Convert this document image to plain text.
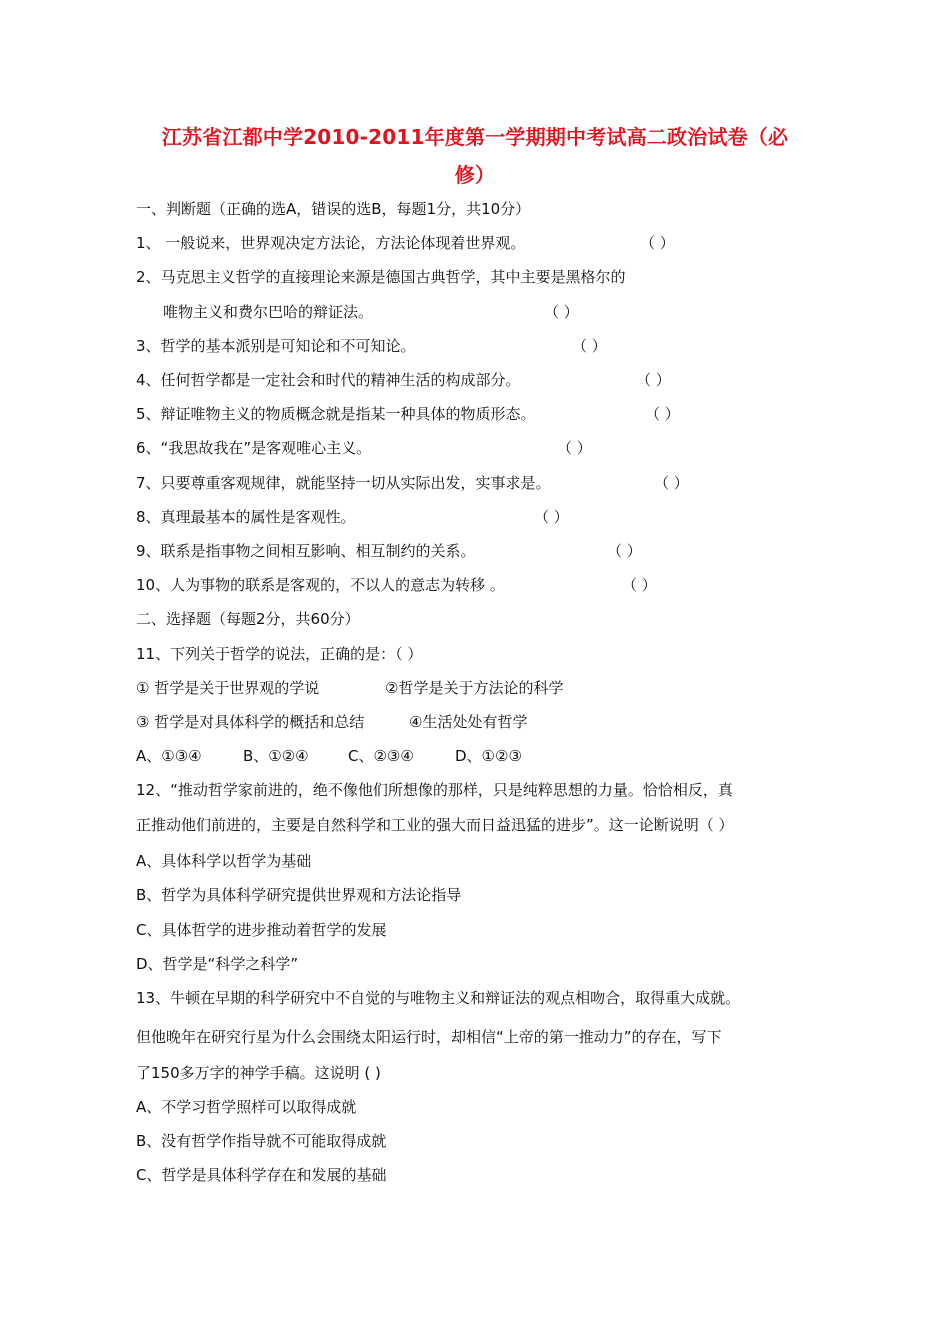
江苏省江都中学2010-2011年度第一学期期中考试高二政治试卷（必
修）
一、判断题（正确的选A，错误的选B，每题1分，共10分）
1、 一般说来，世界观决定方法论，方法论体现着世界观。	（ ）
2、马克思主义哲学的直接理论来源是德国古典哲学，其中主要是黑格尔的
唯物主义和费尔巴哈的辩证法。	（ ）
3、哲学的基本派别是可知论和不可知论。	（ ）
4、任何哲学都是一定社会和时代的精神生活的构成部分。	（ ）
5、辩证唯物主义的物质概念就是指某一种具体的物质形态。	（ ）
6、“我思故我在”是客观唯心主义。	（ ）
7、只要尊重客观规律，就能坚持一切从实际出发，实事求是。	（ ）
8、真理最基本的属性是客观性。	（ ）
9、联系是指事物之间相互影响、相互制约的关系。	（ ）
10、人为事物的联系是客观的，不以人的意志为转移 。	（ ）
二、选择题（每题2分，共60分）
11、下列关于哲学的说法，正确的是：（ ）
① 哲学是关于世界观的学说	②哲学是关于方法论的科学
③ 哲学是对具体科学的概括和总结	④生活处处有哲学
A、①③④	B、①②④	C、②③④	D、①②③
12、“推动哲学家前进的，绝不像他们所想像的那样，只是纯粹思想的力量。恰恰相反，真
正推动他们前进的，主要是自然科学和工业的强大而日益迅猛的进步”。这一论断说明（ ）
A、具体科学以哲学为基础
B、哲学为具体科学研究提供世界观和方法论指导
C、具体哲学的进步推动着哲学的发展
D、哲学是“科学之科学”
13、牛顿在早期的科学研究中不自觉的与唯物主义和辩证法的观点相吻合，取得重大成就。
但他晚年在研究行星为什么会围绕太阳运行时，却相信“上帝的第一推动力”的存在，写下
了150多万字的神学手稿。这说明 ( )
A、不学习哲学照样可以取得成就
B、没有哲学作指导就不可能取得成就
C、哲学是具体科学存在和发展的基础
